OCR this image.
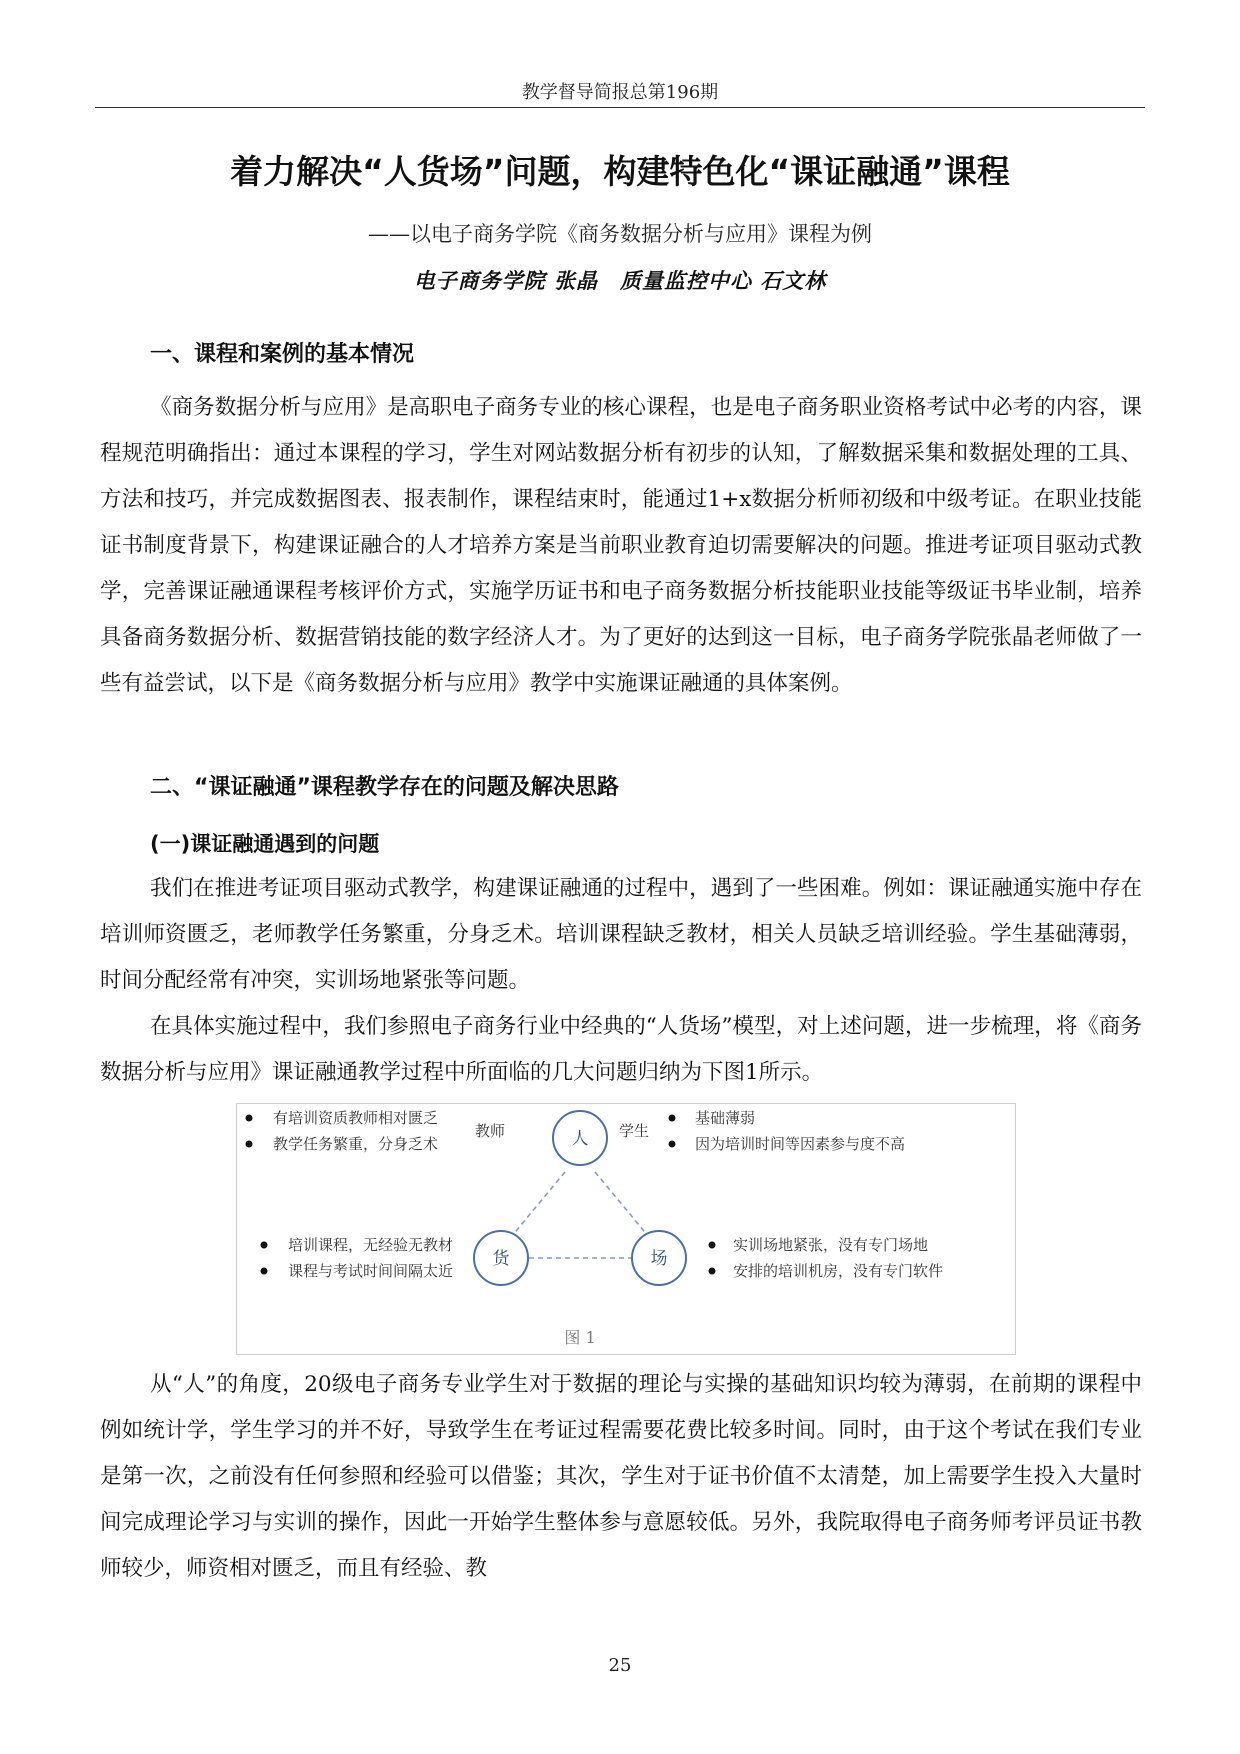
教学督导简报总第196期
着力解决“人货场”问题，构建特色化“课证融通”课程
——以电子商务学院《商务数据分析与应用》课程为例
电子商务学院 张晶　质量监控中心 石文林
一、课程和案例的基本情况

《商务数据分析与应用》是高职电子商务专业的核心课程，也是电子商务职业资格考试中必考的内容，课程规范明确指出：通过本课程的学习，学生对网站数据分析有初步的认知，了解数据采集和数据处理的工具、方法和技巧，并完成数据图表、报表制作，课程结束时，能通过1+x数据分析师初级和中级考证。在职业技能证书制度背景下，构建课证融合的人才培养方案是当前职业教育迫切需要解决的问题。推进考证项目驱动式教学，完善课证融通课程考核评价方式，实施学历证书和电子商务数据分析技能职业技能等级证书毕业制，培养具备商务数据分析、数据营销技能的数字经济人才。为了更好的达到这一目标，电子商务学院张晶老师做了一些有益尝试，以下是《商务数据分析与应用》教学中实施课证融通的具体案例。

二、“课证融通”课程教学存在的问题及解决思路
(一)课证融通遇到的问题

我们在推进考证项目驱动式教学，构建课证融通的过程中，遇到了一些困难。例如：课证融通实施中存在培训师资匮乏，老师教学任务繁重，分身乏术。培训课程缺乏教材，相关人员缺乏培训经验。学生基础薄弱，时间分配经常有冲突，实训场地紧张等问题。

在具体实施过程中，我们参照电子商务行业中经典的“人货场”模型，对上述问题，进一步梳理，将《商务数据分析与应用》课证融通教学过程中所面临的几大问题归纳为下图1所示。

人
货	场
教师	学生
有培训资质教师相对匮乏
教学任务繁重，分身乏术
基础薄弱
因为培训时间等因素参与度不高
培训课程，无经验无教材
课程与考试时间间隔太近
实训场地紧张，没有专门场地
安排的培训机房，没有专门软件
图 1

从“人”的角度，20级电子商务专业学生对于数据的理论与实操的基础知识均较为薄弱，在前期的课程中例如统计学，学生学习的并不好，导致学生在考证过程需要花费比较多时间。同时，由于这个考试在我们专业是第一次，之前没有任何参照和经验可以借鉴；其次，学生对于证书价值不太清楚，加上需要学生投入大量时间完成理论学习与实训的操作，因此一开始学生整体参与意愿较低。另外，我院取得电子商务师考评员证书教师较少，师资相对匮乏，而且有经验、教

25
